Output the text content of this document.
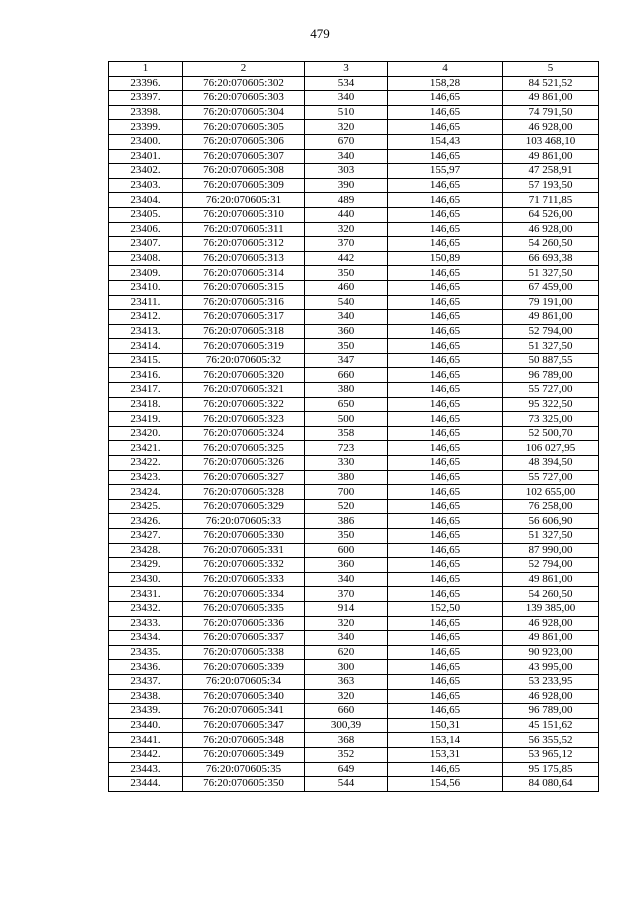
479
1	2	3	4	5
23396.	76:20:070605:302	534	158,28	84 521,52
23397.	76:20:070605:303	340	146,65	49 861,00
23398.	76:20:070605:304	510	146,65	74 791,50
23399.	76:20:070605:305	320	146,65	46 928,00
23400.	76:20:070605:306	670	154,43	103 468,10
23401.	76:20:070605:307	340	146,65	49 861,00
23402.	76:20:070605:308	303	155,97	47 258,91
23403.	76:20:070605:309	390	146,65	57 193,50
23404.	76:20:070605:31	489	146,65	71 711,85
23405.	76:20:070605:310	440	146,65	64 526,00
23406.	76:20:070605:311	320	146,65	46 928,00
23407.	76:20:070605:312	370	146,65	54 260,50
23408.	76:20:070605:313	442	150,89	66 693,38
23409.	76:20:070605:314	350	146,65	51 327,50
23410.	76:20:070605:315	460	146,65	67 459,00
23411.	76:20:070605:316	540	146,65	79 191,00
23412.	76:20:070605:317	340	146,65	49 861,00
23413.	76:20:070605:318	360	146,65	52 794,00
23414.	76:20:070605:319	350	146,65	51 327,50
23415.	76:20:070605:32	347	146,65	50 887,55
23416.	76:20:070605:320	660	146,65	96 789,00
23417.	76:20:070605:321	380	146,65	55 727,00
23418.	76:20:070605:322	650	146,65	95 322,50
23419.	76:20:070605:323	500	146,65	73 325,00
23420.	76:20:070605:324	358	146,65	52 500,70
23421.	76:20:070605:325	723	146,65	106 027,95
23422.	76:20:070605:326	330	146,65	48 394,50
23423.	76:20:070605:327	380	146,65	55 727,00
23424.	76:20:070605:328	700	146,65	102 655,00
23425.	76:20:070605:329	520	146,65	76 258,00
23426.	76:20:070605:33	386	146,65	56 606,90
23427.	76:20:070605:330	350	146,65	51 327,50
23428.	76:20:070605:331	600	146,65	87 990,00
23429.	76:20:070605:332	360	146,65	52 794,00
23430.	76:20:070605:333	340	146,65	49 861,00
23431.	76:20:070605:334	370	146,65	54 260,50
23432.	76:20:070605:335	914	152,50	139 385,00
23433.	76:20:070605:336	320	146,65	46 928,00
23434.	76:20:070605:337	340	146,65	49 861,00
23435.	76:20:070605:338	620	146,65	90 923,00
23436.	76:20:070605:339	300	146,65	43 995,00
23437.	76:20:070605:34	363	146,65	53 233,95
23438.	76:20:070605:340	320	146,65	46 928,00
23439.	76:20:070605:341	660	146,65	96 789,00
23440.	76:20:070605:347	300,39	150,31	45 151,62
23441.	76:20:070605:348	368	153,14	56 355,52
23442.	76:20:070605:349	352	153,31	53 965,12
23443.	76:20:070605:35	649	146,65	95 175,85
23444.	76:20:070605:350	544	154,56	84 080,64
